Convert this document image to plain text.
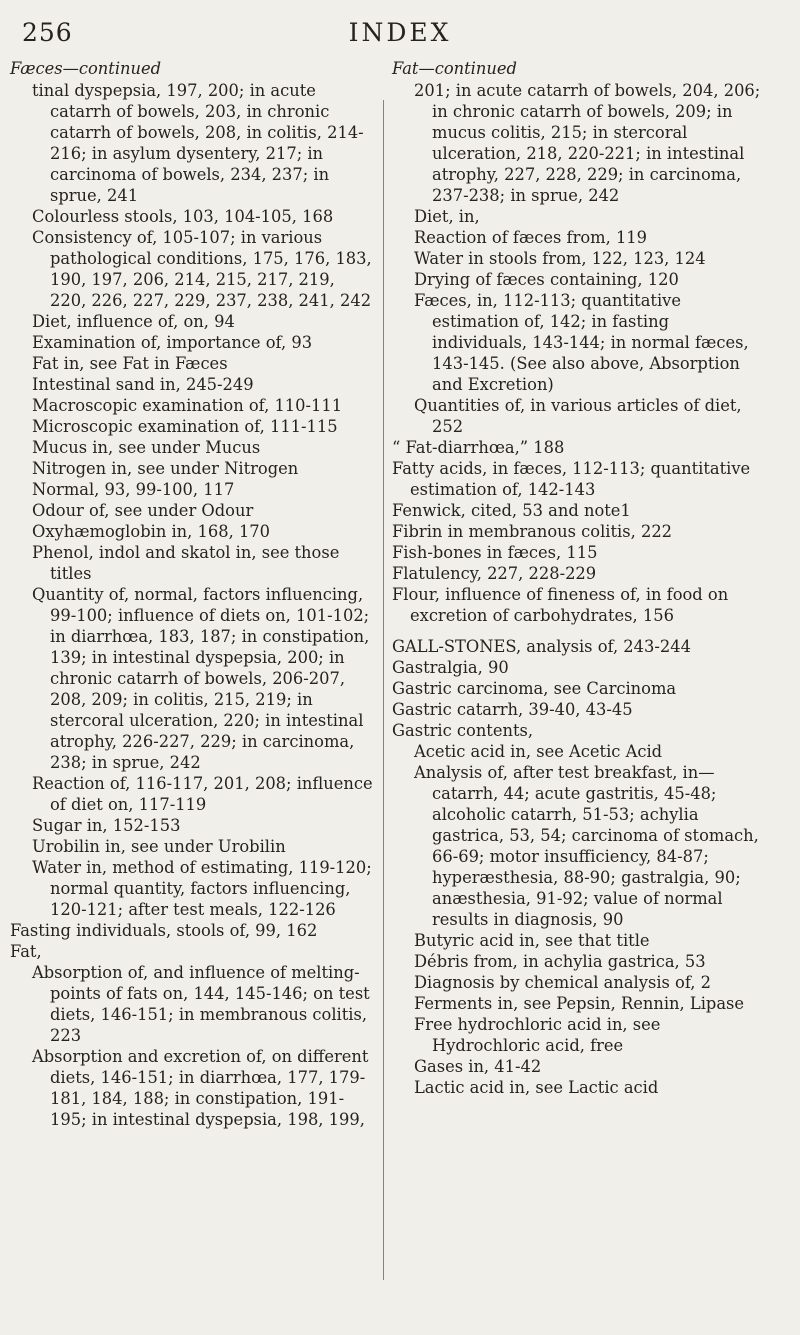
256	INDEX
Fæces—continued
tinal dyspepsia, 197, 200; in acute catarrh of bowels, 203, in chronic catarrh of bowels, 208, in colitis, 214-216; in asylum dysentery, 217; in carcinoma of bowels, 234, 237; in sprue, 241
Colourless stools, 103, 104-105, 168
Consistency of, 105-107; in various pathological conditions, 175, 176, 183, 190, 197, 206, 214, 215, 217, 219, 220, 226, 227, 229, 237, 238, 241, 242
Diet, influence of, on, 94
Examination of, importance of, 93
Fat in, see Fat in Fæces
Intestinal sand in, 245-249
Macroscopic examination of, 110-111
Microscopic examination of, 111-115
Mucus in, see under Mucus
Nitrogen in, see under Nitrogen
Normal, 93, 99-100, 117
Odour of, see under Odour
Oxyhæmoglobin in, 168, 170
Phenol, indol and skatol in, see those titles
Quantity of, normal, factors influencing, 99-100; influence of diets on, 101-102; in diarrhœa, 183, 187; in constipation, 139; in intestinal dyspepsia, 200; in chronic catarrh of bowels, 206-207, 208, 209; in colitis, 215, 219; in stercoral ulceration, 220; in intestinal atrophy, 226-227, 229; in carcinoma, 238; in sprue, 242
Reaction of, 116-117, 201, 208; influence of diet on, 117-119
Sugar in, 152-153
Urobilin in, see under Urobilin
Water in, method of estimating, 119-120; normal quantity, factors influencing, 120-121; after test meals, 122-126
Fasting individuals, stools of, 99, 162
Fat,
Absorption of, and influence of melting-points of fats on, 144, 145-146; on test diets, 146-151; in membranous colitis, 223
Absorption and excretion of, on different diets, 146-151; in diarrhœa, 177, 179-181, 184, 188; in constipation, 191-195; in intestinal dyspepsia, 198, 199,
Fat—continued
201; in acute catarrh of bowels, 204, 206; in chronic catarrh of bowels, 209; in mucus colitis, 215; in stercoral ulceration, 218, 220-221; in intestinal atrophy, 227, 228, 229; in carcinoma, 237-238; in sprue, 242
Diet, in,
Reaction of fæces from, 119
Water in stools from, 122, 123, 124
Drying of fæces containing, 120
Fæces, in, 112-113; quantitative estimation of, 142; in fasting individuals, 143-144; in normal fæces, 143-145. (See also above, Absorption and Excretion)
Quantities of, in various articles of diet, 252
“ Fat-diarrhœa,” 188
Fatty acids, in fæces, 112-113; quantitative estimation of, 142-143
Fenwick, cited, 53 and note1
Fibrin in membranous colitis, 222
Fish-bones in fæces, 115
Flatulency, 227, 228-229
Flour, influence of fineness of, in food on excretion of carbohydrates, 156
GALL-STONES, analysis of, 243-244
Gastralgia, 90
Gastric carcinoma, see Carcinoma
Gastric catarrh, 39-40, 43-45
Gastric contents,
Acetic acid in, see Acetic Acid
Analysis of, after test breakfast, in—catarrh, 44; acute gastritis, 45-48; alcoholic catarrh, 51-53; achylia gastrica, 53, 54; carcinoma of stomach, 66-69; motor insufficiency, 84-87; hyperæsthesia, 88-90; gastralgia, 90; anæsthesia, 91-92; value of normal results in diagnosis, 90
Butyric acid in, see that title
Débris from, in achylia gastrica, 53
Diagnosis by chemical analysis of, 2
Ferments in, see Pepsin, Rennin, Lipase
Free hydrochloric acid in, see Hydrochloric acid, free
Gases in, 41-42
Lactic acid in, see Lactic acid
